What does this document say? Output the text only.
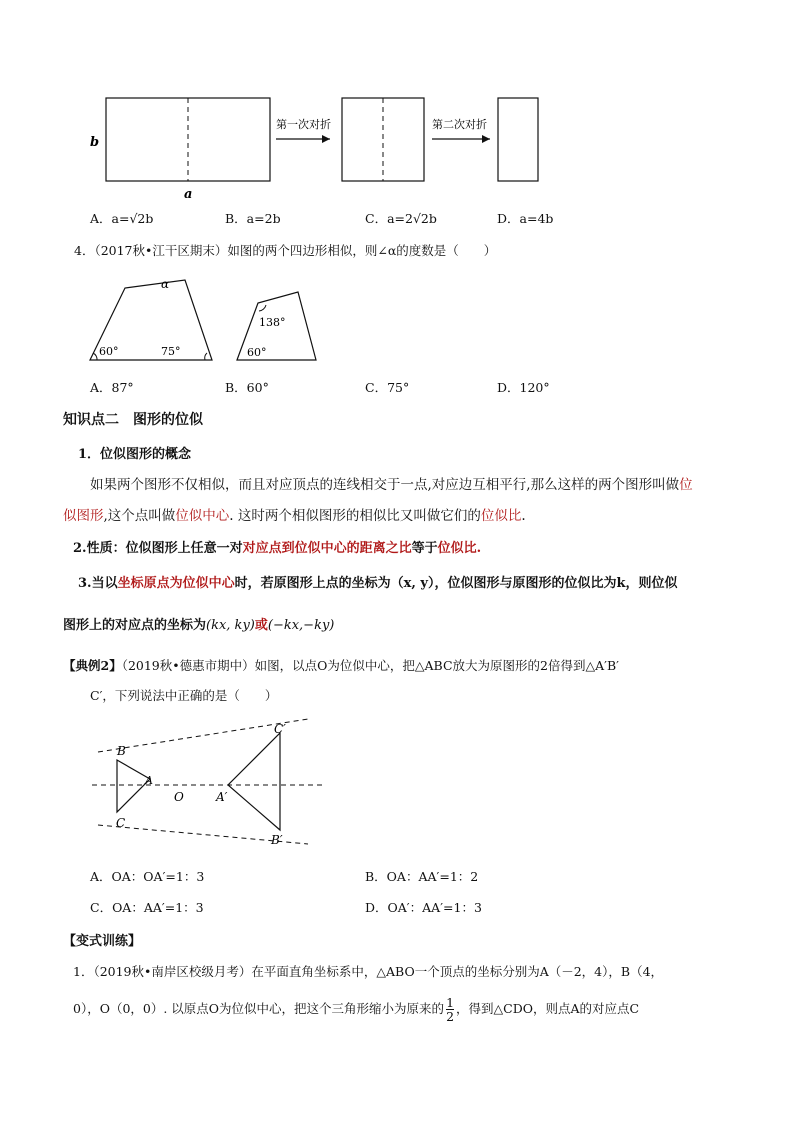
b
a
第一次对折	第二次对折
A．a=√2b	B．a=2b	C．a=2√2b	D．a=4b
4．（2017秋•江干区期末）如图的两个四边形相似，则∠α的度数是（　　）
α
60°	75°
138°
60°
A．87°	B．60°	C．75°	D．120°
知识点二　图形的位似
1．位似图形的概念
如果两个图形不仅相似，而且对应顶点的连线相交于一点,对应边互相平行,那么这样的两个图形叫做位
似图形,这个点叫做位似中心. 这时两个相似图形的相似比又叫做它们的位似比.
2.性质：位似图形上任意一对对应点到位似中心的距离之比等于位似比.
3.当以坐标原点为位似中心时，若原图形上点的坐标为（x, y），位似图形与原图形的位似比为k，则位似
图形上的对应点的坐标为(kx, ky)或(−kx,−ky)
【典例2】（2019秋•德惠市期中）如图，以点O为位似中心，把△ABC放大为原图形的2倍得到△A′B′
C′，下列说法中正确的是（　　）
B
A
C
O	A′
C′
B′
A．OA：OA′=1：3	B．OA：AA′=1：2
C．OA：AA′=1：3	D．OA′：AA′=1：3
【变式训练】
1．（2019秋•南岸区校级月考）在平面直角坐标系中，△ABO一个顶点的坐标分别为A（－2，4），B（4，
0），O（0，0）. 以原点O为位似中心，把这个三角形缩小为原来的 $\frac{1}{2}$ ，得到△CDO，则点A的对应点C
